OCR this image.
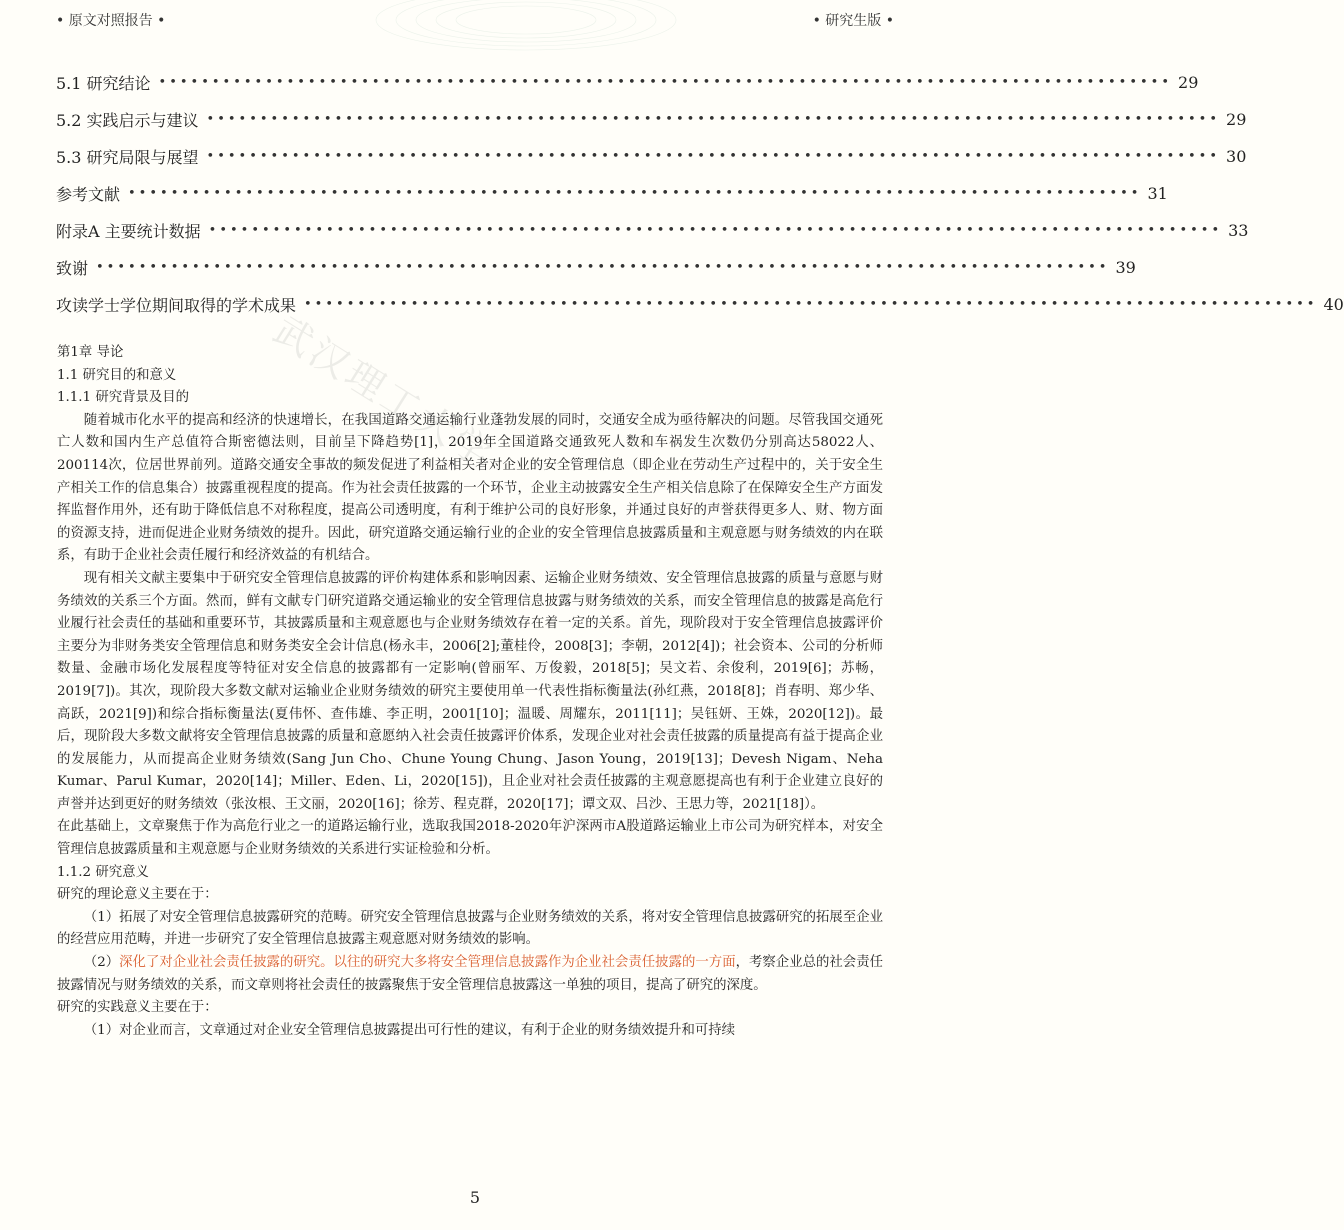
• 原文对照报告 •	• 研究生版 •
5.1 研究结论 ••••••••••••••••••••••••••••••••••••••••••••••••••••••••••••••••••••••••••••••••••••••••••••••• 29
5.2 实践启示与建议 ••••••••••••••••••••••••••••••••••••••••••••••••••••••••••••••••••••••••••••••••••••••••••••••• 29
5.3 研究局限与展望 ••••••••••••••••••••••••••••••••••••••••••••••••••••••••••••••••••••••••••••••••••••••••••••••• 30
参考文献 ••••••••••••••••••••••••••••••••••••••••••••••••••••••••••••••••••••••••••••••••••••••••••••••• 31
附录A 主要统计数据 ••••••••••••••••••••••••••••••••••••••••••••••••••••••••••••••••••••••••••••••••••••••••••••••• 33
致谢 ••••••••••••••••••••••••••••••••••••••••••••••••••••••••••••••••••••••••••••••••••••••••••••••• 39
攻读学士学位期间取得的学术成果 ••••••••••••••••••••••••••••••••••••••••••••••••••••••••••••••••••••••••••••••••••••••••••••••• 40
武汉理工大学

第1章 导论

1.1 研究目的和意义

1.1.1 研究背景及目的

随着城市化水平的提高和经济的快速增长，在我国道路交通运输行业蓬勃发展的同时，交通安全成为亟待解决的问题。尽管我国交通死亡人数和国内生产总值符合斯密德法则，目前呈下降趋势[1]，2019年全国道路交通致死人数和车祸发生次数仍分别高达58022人、200114次，位居世界前列。道路交通安全事故的频发促进了利益相关者对企业的安全管理信息（即企业在劳动生产过程中的，关于安全生产相关工作的信息集合）披露重视程度的提高。作为社会责任披露的一个环节，企业主动披露安全生产相关信息除了在保障安全生产方面发挥监督作用外，还有助于降低信息不对称程度，提高公司透明度，有利于维护公司的良好形象，并通过良好的声誉获得更多人、财、物方面的资源支持，进而促进企业财务绩效的提升。因此，研究道路交通运输行业的企业的安全管理信息披露质量和主观意愿与财务绩效的内在联系，有助于企业社会责任履行和经济效益的有机结合。

现有相关文献主要集中于研究安全管理信息披露的评价构建体系和影响因素、运输企业财务绩效、安全管理信息披露的质量与意愿与财务绩效的关系三个方面。然而，鲜有文献专门研究道路交通运输业的安全管理信息披露与财务绩效的关系，而安全管理信息的披露是高危行业履行社会责任的基础和重要环节，其披露质量和主观意愿也与企业财务绩效存在着一定的关系。首先，现阶段对于安全管理信息披露评价主要分为非财务类安全管理信息和财务类安全会计信息(杨永丰，2006[2];董桂伶，2008[3]；李朝，2012[4])；社会资本、公司的分析师数量、金融市场化发展程度等特征对安全信息的披露都有一定影响(曾丽军、万俊毅，2018[5]；吴文若、余俊利，2019[6]；苏畅，2019[7])。其次，现阶段大多数文献对运输业企业财务绩效的研究主要使用单一代表性指标衡量法(孙红燕，2018[8]；肖春明、郑少华、高跃，2021[9])和综合指标衡量法(夏伟怀、查伟雄、李正明，2001[10]；温暖、周耀东，2011[11]；吴钰妍、王姝，2020[12])。最后，现阶段大多数文献将安全管理信息披露的质量和意愿纳入社会责任披露评价体系，发现企业对社会责任披露的质量提高有益于提高企业的发展能力，从而提高企业财务绩效(Sang Jun Cho、Chune Young Chung、Jason Young，2019[13]；Devesh Nigam、Neha Kumar、Parul Kumar，2020[14]；Miller、Eden、Li，2020[15])，且企业对社会责任披露的主观意愿提高也有利于企业建立良好的声誉并达到更好的财务绩效（张汝根、王文丽，2020[16]；徐芳、程克群，2020[17]；谭文双、吕沙、王思力等，2021[18]）。

在此基础上，文章聚焦于作为高危行业之一的道路运输行业，选取我国2018-2020年沪深两市A股道路运输业上市公司为研究样本，对安全管理信息披露质量和主观意愿与企业财务绩效的关系进行实证检验和分析。

1.1.2 研究意义

研究的理论意义主要在于：

（1）拓展了对安全管理信息披露研究的范畴。研究安全管理信息披露与企业财务绩效的关系，将对安全管理信息披露研究的拓展至企业的经营应用范畴，并进一步研究了安全管理信息披露主观意愿对财务绩效的影响。

（2）深化了对企业社会责任披露的研究。以往的研究大多将安全管理信息披露作为企业社会责任披露的一方面，考察企业总的社会责任披露情况与财务绩效的关系，而文章则将社会责任的披露聚焦于安全管理信息披露这一单独的项目，提高了研究的深度。

研究的实践意义主要在于：

（1）对企业而言，文章通过对企业安全管理信息披露提出可行性的建议，有利于企业的财务绩效提升和可持续

5
